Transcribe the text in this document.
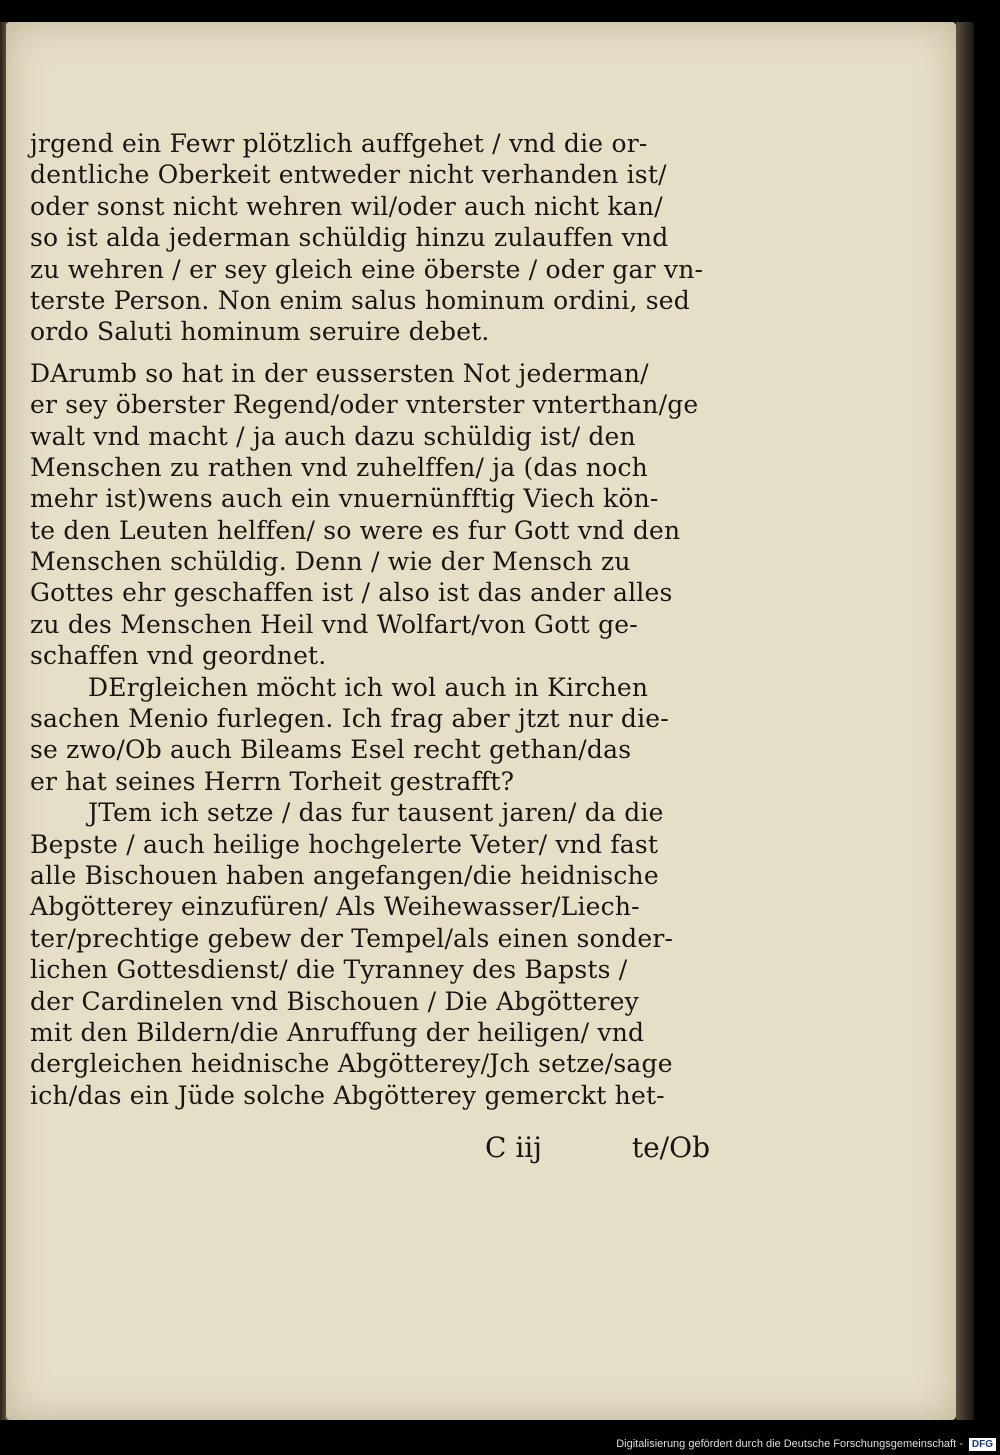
jrgend ein Fewr plötzlich auffgehet / vnd die or-
dentliche Oberkeit entweder nicht verhanden ist/
oder sonst nicht wehren wil/oder auch nicht kan/
so ist alda jederman schüldig hinzu zulauffen vnd
zu wehren / er sey gleich eine öberste / oder gar vn-
terste Person. Non enim salus hominum ordini, sed
ordo Saluti hominum seruire debet.
DArumb so hat in der eussersten Not jederman/
er sey öberster Regend/oder vnterster vnterthan/ge
walt vnd macht / ja auch dazu schüldig ist/ den
Menschen zu rathen vnd zuhelffen/ ja (das noch
mehr ist)wens auch ein vnuernünfftig Viech kön-
te den Leuten helffen/ so were es fur Gott vnd den
Menschen schüldig. Denn / wie der Mensch zu
Gottes ehr geschaffen ist / also ist das ander alles
zu des Menschen Heil vnd Wolfart/von Gott ge-
schaffen vnd geordnet.
DErgleichen möcht ich wol auch in Kirchen
sachen Menio furlegen. Ich frag aber jtzt nur die-
se zwo/Ob auch Bileams Esel recht gethan/das
er hat seines Herrn Torheit gestrafft?
JTem ich setze / das fur tausent jaren/ da die
Bepste / auch heilige hochgelerte Veter/ vnd fast
alle Bischouen haben angefangen/die heidnische
Abgötterey einzufüren/ Als Weihewasser/Liech-
ter/prechtige gebew der Tempel/als einen sonder-
lichen Gottesdienst/ die Tyranney des Bapsts /
der Cardinelen vnd Bischouen / Die Abgötterey
mit den Bildern/die Anruffung der heiligen/ vnd
dergleichen heidnische Abgötterey/Jch setze/sage
ich/das ein Jüde solche Abgötterey gemerckt het-
C iij	te/Ob
Digitalisierung gefördert durch die Deutsche Forschungsgemeinschaft - DFG
